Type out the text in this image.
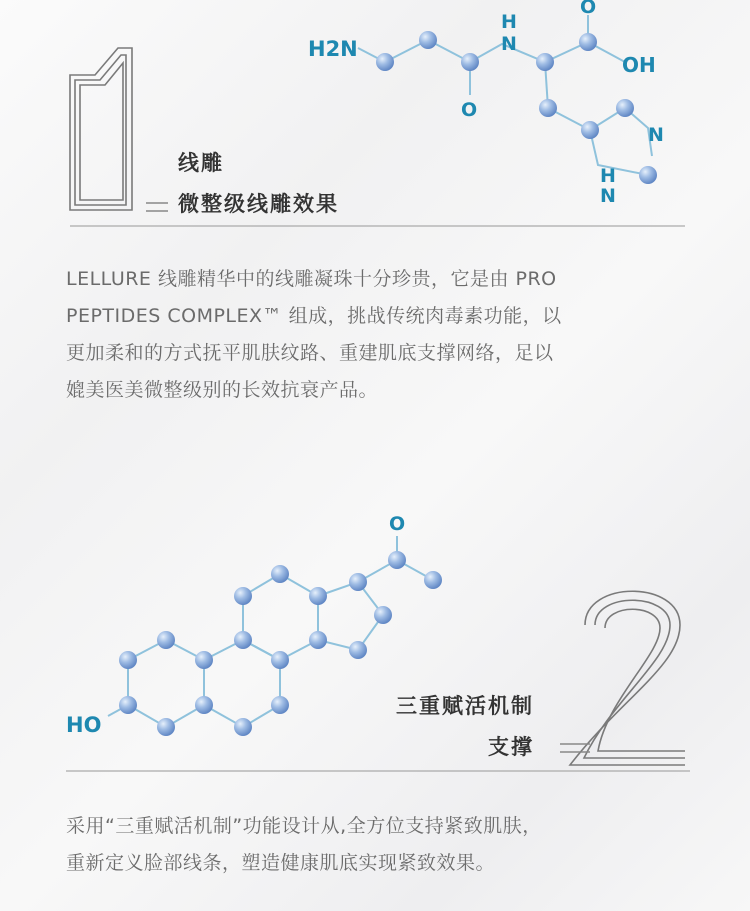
H2N
H
N
O
OH
O
N
H
N
HO
O
线雕
微整级线雕效果
LELLURE 线雕精华中的线雕凝珠十分珍贵，它是由 PRO
PEPTIDES COMPLEX™ 组成，挑战传统肉毒素功能，以
更加柔和的方式抚平肌肤纹路、重建肌底支撑网络，足以
媲美医美微整级别的长效抗衰产品。
三重赋活机制
支撑
采用“三重赋活机制”功能设计从,全方位支持紧致肌肤，
重新定义脸部线条，塑造健康肌底实现紧致效果。
